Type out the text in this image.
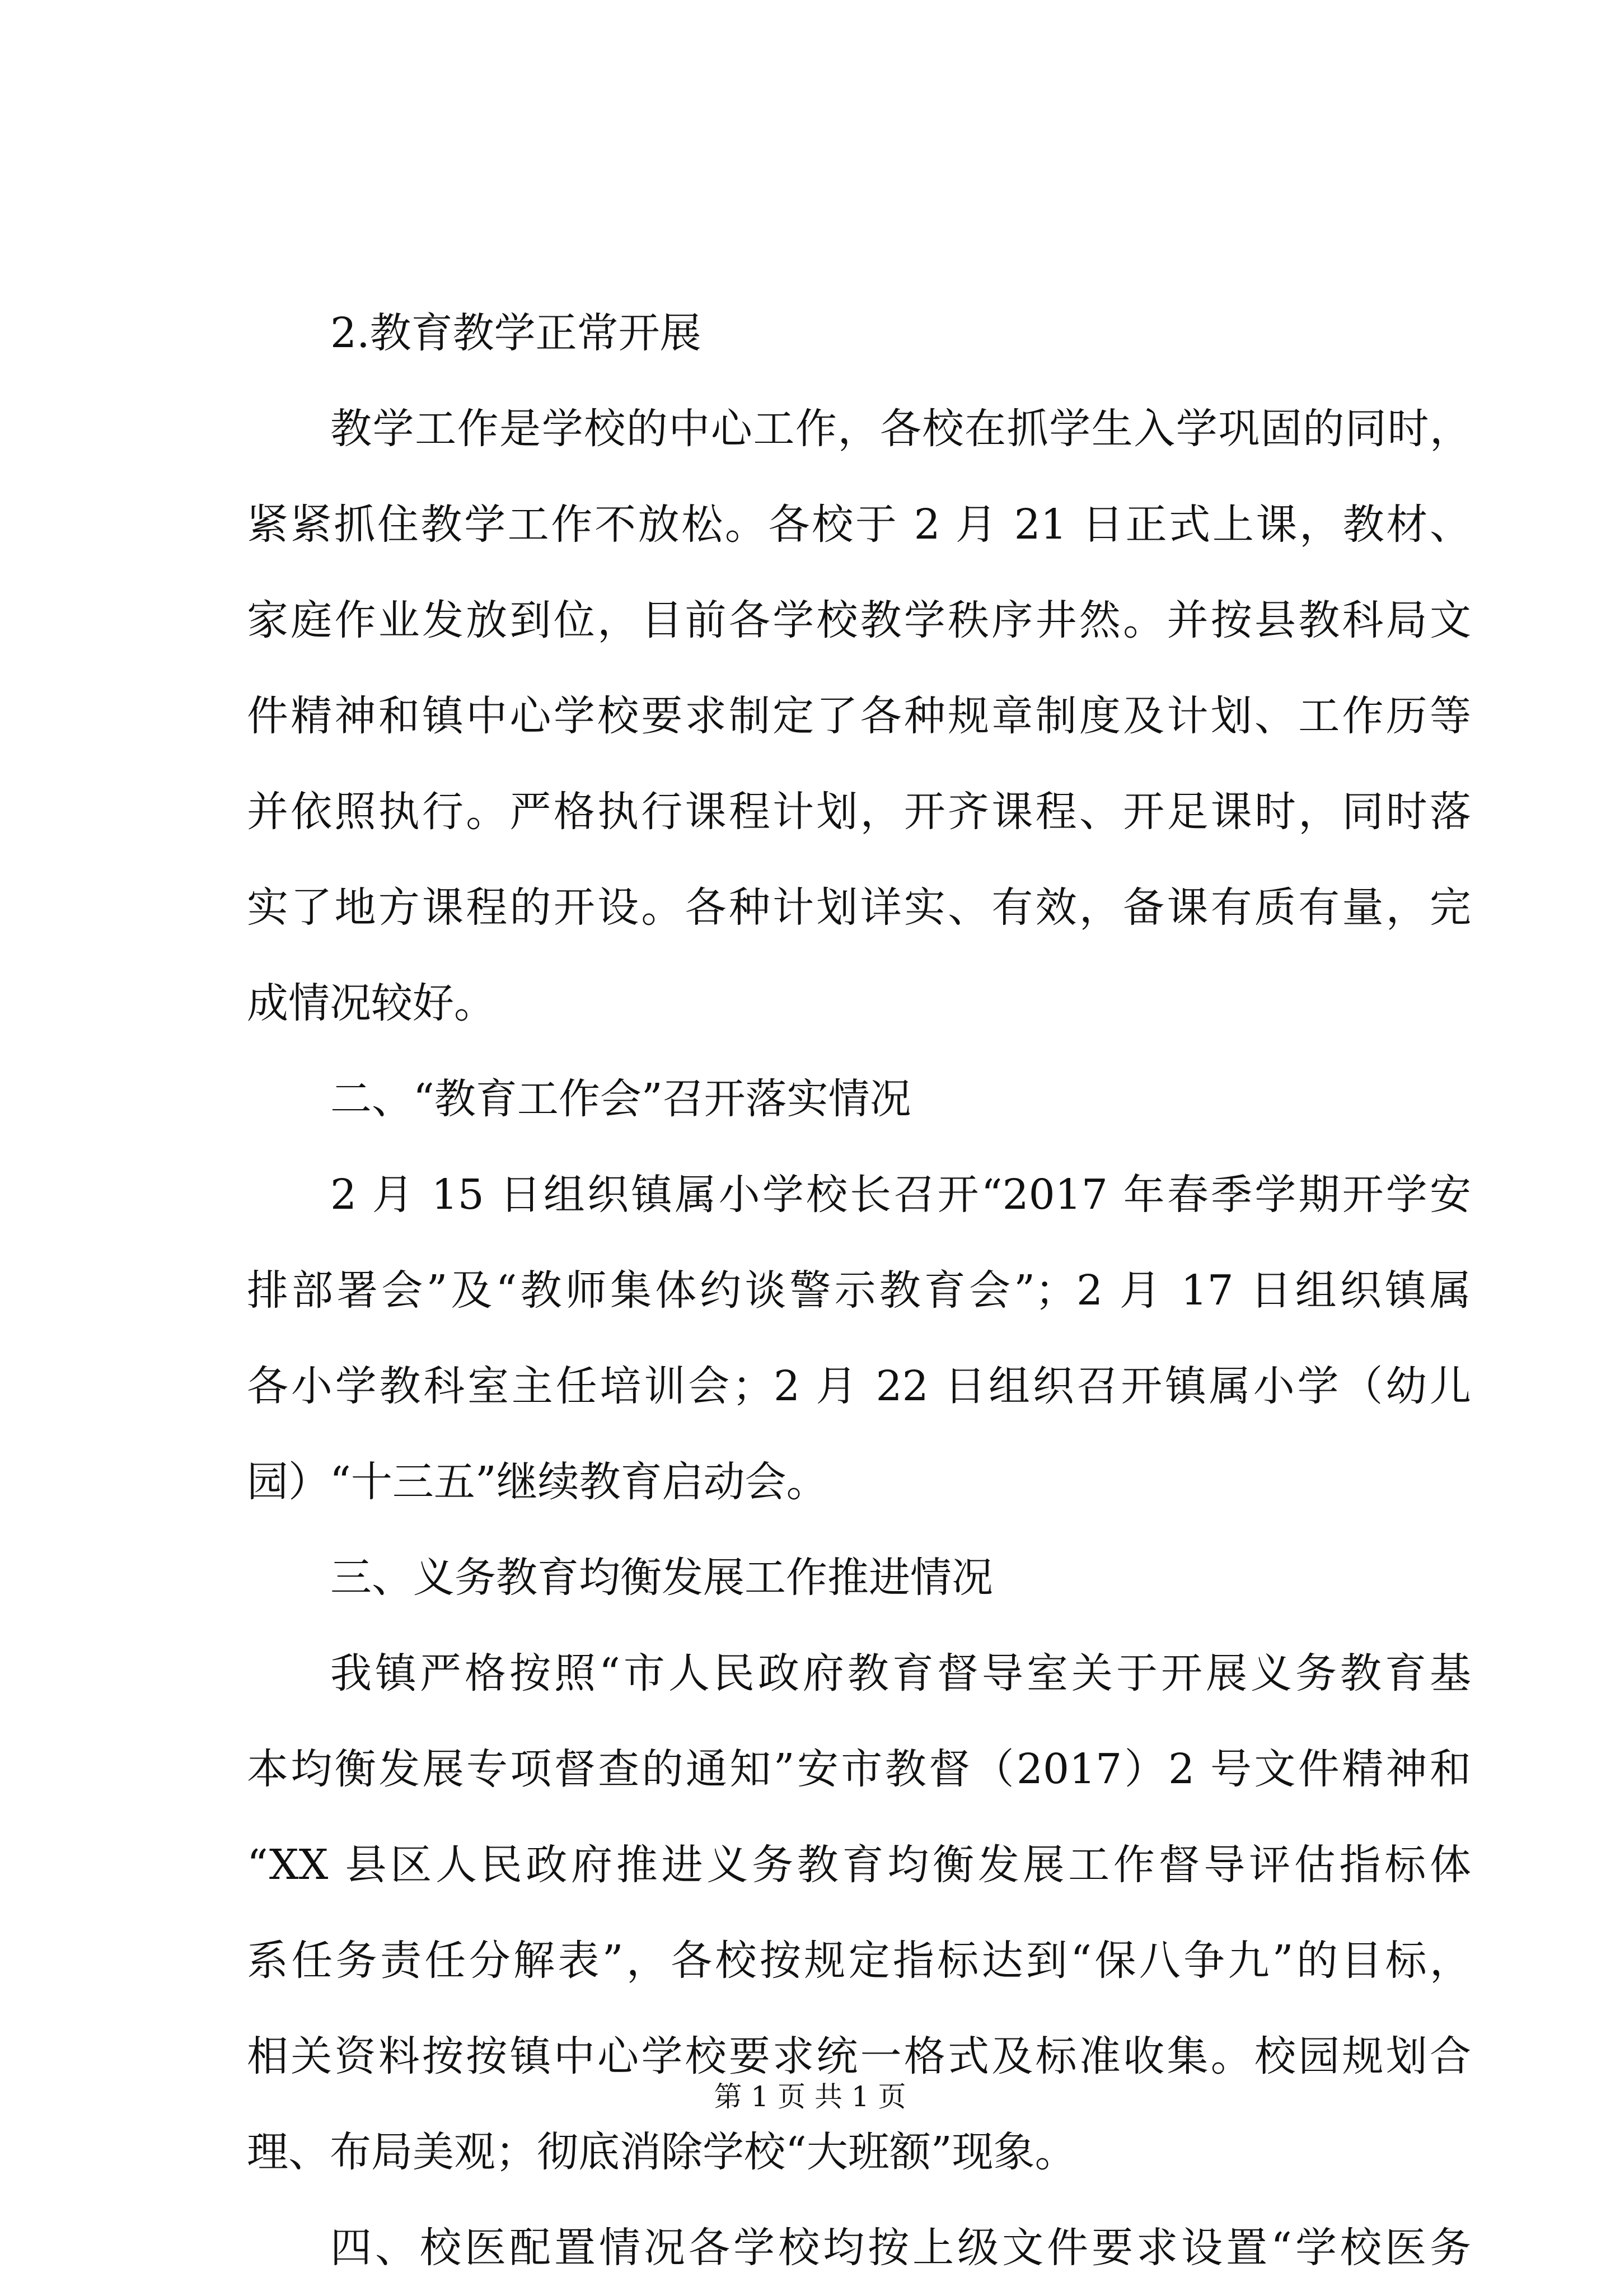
2.教育教学正常开展
教学工作是学校的中心工作，各校在抓学生入学巩固的同时，
紧紧抓住教学工作不放松。各校于 2 月 21 日正式上课，教材、
家庭作业发放到位，目前各学校教学秩序井然。并按县教科局文
件精神和镇中心学校要求制定了各种规章制度及计划、工作历等
并依照执行。严格执行课程计划，开齐课程、开足课时，同时落
实了地方课程的开设。各种计划详实、有效，备课有质有量，完
成情况较好。
二、“教育工作会”召开落实情况
2 月 15 日组织镇属小学校长召开“2017 年春季学期开学安
排部署会”及“教师集体约谈警示教育会”；2 月 17 日组织镇属
各小学教科室主任培训会；2 月 22 日组织召开镇属小学（幼儿
园）“十三五”继续教育启动会。
三、义务教育均衡发展工作推进情况
我镇严格按照“市人民政府教育督导室关于开展义务教育基
本均衡发展专项督查的通知”安市教督（2017）2 号文件精神和
“XX 县区人民政府推进义务教育均衡发展工作督导评估指标体
系任务责任分解表”，各校按规定指标达到“保八争九”的目标，
相关资料按按镇中心学校要求统一格式及标准收集。校园规划合
理、布局美观；彻底消除学校“大班额”现象。
四、校医配置情况各学校均按上级文件要求设置“学校医务
第 1 页 共 1 页
